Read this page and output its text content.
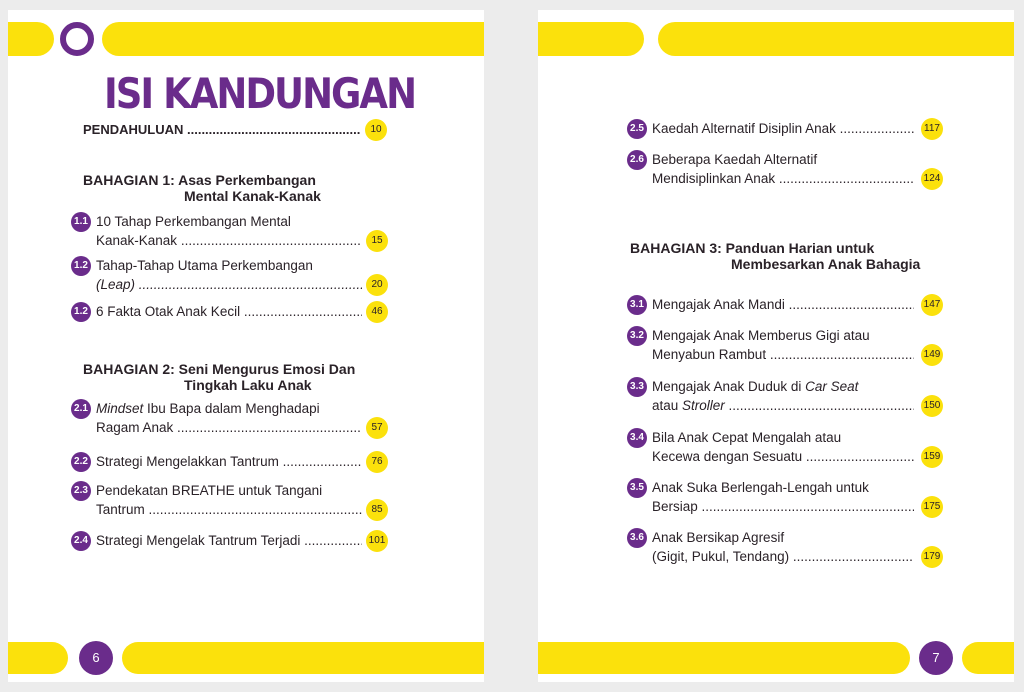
ISI KANDUNGAN
PENDAHULUAN .....	10
BAHAGIAN 1: Asas Perkembangan
Mental Kanak-Kanak
1.1 10 Tahap Perkembangan Mental
Kanak-Kanak .....	15
1.2 Tahap-Tahap Utama Perkembangan
(Leap) .....	20
1.2 6 Fakta Otak Anak Kecil .....	46
BAHAGIAN 2: Seni Mengurus Emosi Dan
Tingkah Laku Anak
2.1 Mindset Ibu Bapa dalam Menghadapi
Ragam Anak .....	57
2.2 Strategi Mengelakkan Tantrum .....	76
2.3 Pendekatan BREATHE untuk Tangani
Tantrum .....	85
2.4 Strategi Mengelak Tantrum Terjadi .....	101
6
2.5 Kaedah Alternatif Disiplin Anak .....	117
2.6 Beberapa Kaedah Alternatif
Mendisiplinkan Anak .....	124
BAHAGIAN 3: Panduan Harian untuk
Membesarkan Anak Bahagia
3.1 Mengajak Anak Mandi .....	147
3.2 Mengajak Anak Memberus Gigi atau
Menyabun Rambut .....	149
3.3 Mengajak Anak Duduk di Car Seat
atau Stroller .....	150
3.4 Bila Anak Cepat Mengalah atau
Kecewa dengan Sesuatu .....	159
3.5 Anak Suka Berlengah-Lengah untuk
Bersiap .....	175
3.6 Anak Bersikap Agresif
(Gigit, Pukul, Tendang) .....	179
7
